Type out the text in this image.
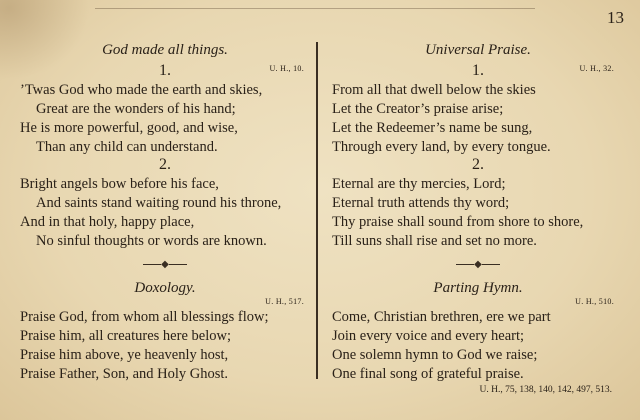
13
God made all things.
1.	U. H., 10.
’Twas God who made the earth and skies,
Great are the wonders of his hand;
He is more powerful, good, and wise,
Than any child can understand.
2.
Bright angels bow before his face,
And saints stand waiting round his throne,
And in that holy, happy place,
No sinful thoughts or words are known.
◆
Doxology.
U. H., 517.
Praise God, from whom all blessings flow;
Praise him, all creatures here below;
Praise him above, ye heavenly host,
Praise Father, Son, and Holy Ghost.
Universal Praise.
1.	U. H., 32.
From all that dwell below the skies
Let the Creator’s praise arise;
Let the Redeemer’s name be sung,
Through every land, by every tongue.
2.
Eternal are thy mercies, Lord;
Eternal truth attends thy word;
Thy praise shall sound from shore to shore,
Till suns shall rise and set no more.
◆
Parting Hymn.
U. H., 510.
Come, Christian brethren, ere we part
Join every voice and every heart;
One solemn hymn to God we raise;
One final song of grateful praise.
U. H., 75, 138, 140, 142, 497, 513.
